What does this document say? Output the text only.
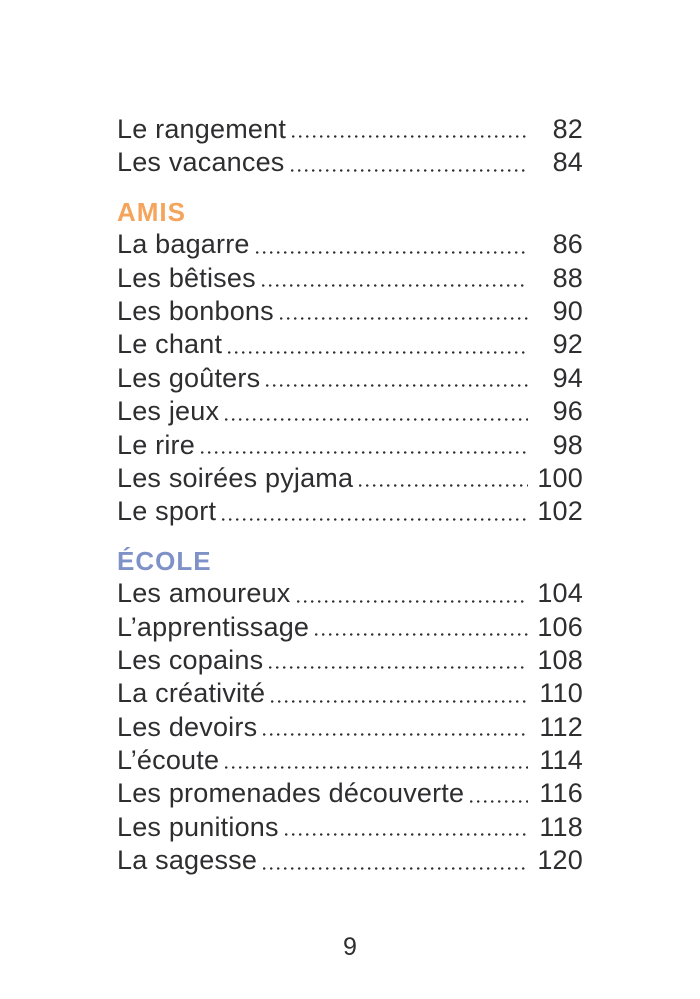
Le rangement	82
Les vacances	84
AMIS
La bagarre	86
Les bêtises	88
Les bonbons	90
Le chant	92
Les goûters	94
Les jeux	96
Le rire	98
Les soirées pyjama	100
Le sport	102
ÉCOLE
Les amoureux	104
L’apprentissage	106
Les copains	108
La créativité	110
Les devoirs	112
L’écoute	114
Les promenades découverte	116
Les punitions	118
La sagesse	120
9
